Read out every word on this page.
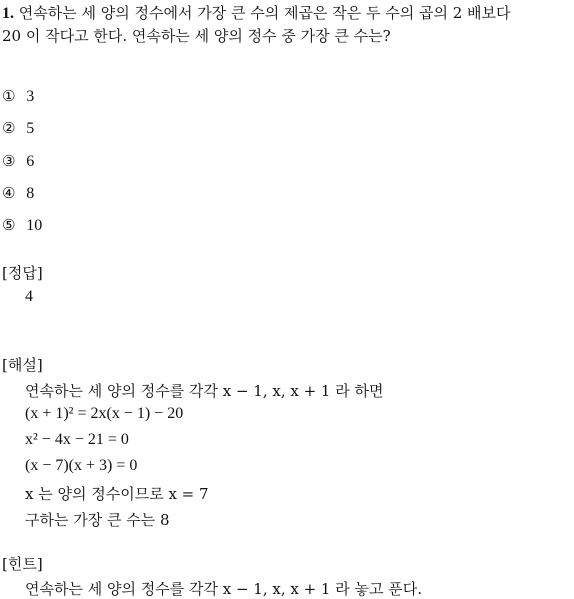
1. 연속하는 세 양의 정수에서 가장 큰 수의 제곱은 작은 두 수의 곱의 2 배보다
20 이 작다고 한다. 연속하는 세 양의 정수 중 가장 큰 수는?
① 3
② 5
③ 6
④ 8
⑤ 10
[정답]
4
[해설]
연속하는 세 양의 정수를 각각 x − 1, x, x + 1 라 하면
(x + 1)² = 2x(x − 1) − 20
x² − 4x − 21 = 0
(x − 7)(x + 3) = 0
x 는 양의 정수이므로 x = 7
구하는 가장 큰 수는 8
[힌트]
연속하는 세 양의 정수를 각각 x − 1, x, x + 1 라 놓고 푼다.
